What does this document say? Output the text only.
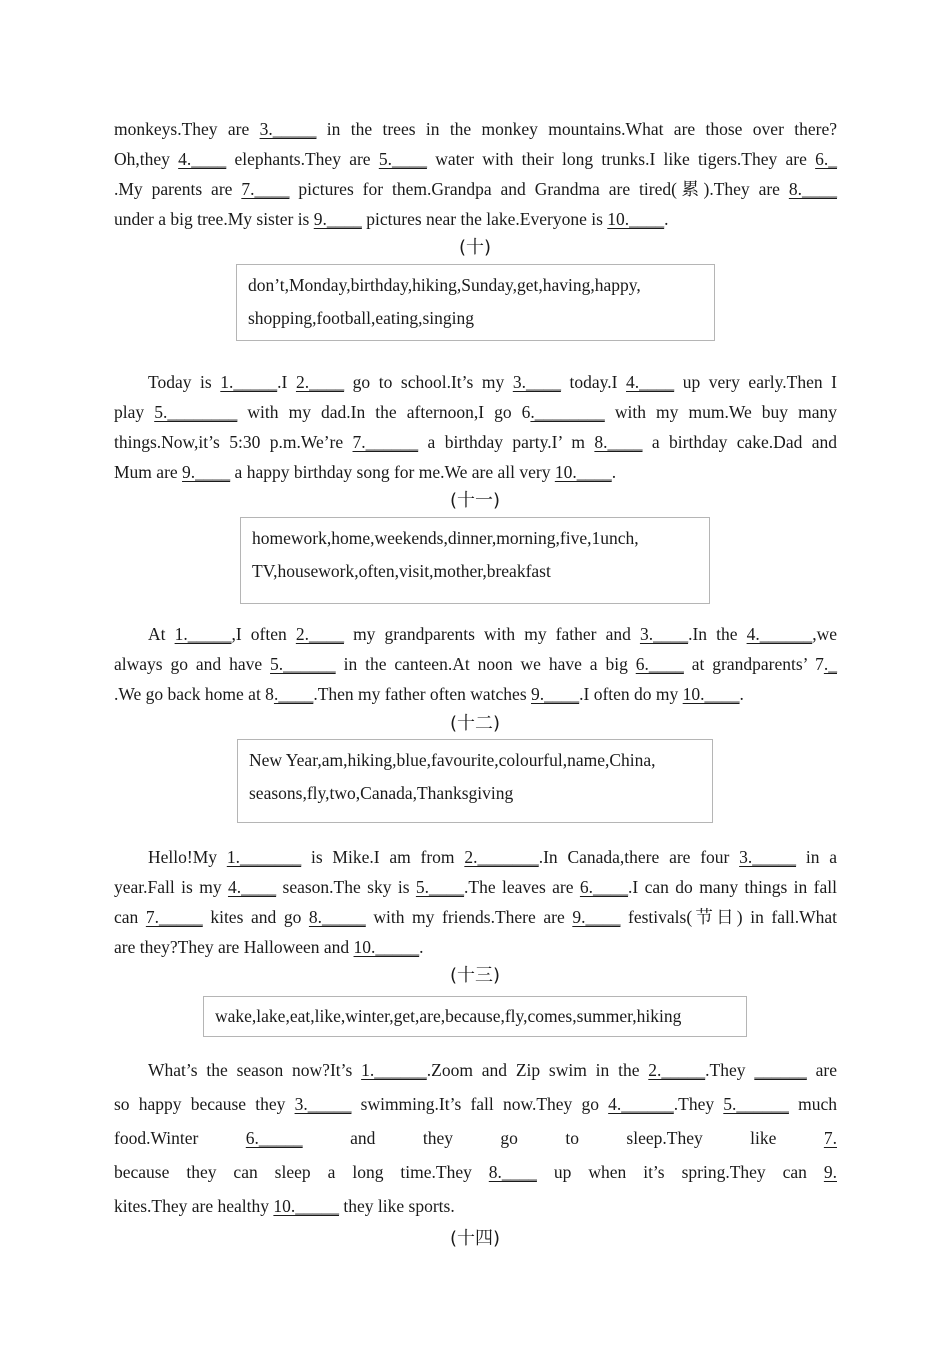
monkeys.They are 3._____ in the trees in the monkey mountains.What are those over there?
Oh,they 4.____ elephants.They are 5.____ water with their long trunks.I like tigers.They are 6._
.My parents are 7.____ pictures for them.Grandpa and Grandma are tired(累).They are 8.____
under a big tree.My sister is 9.____ pictures near the lake.Everyone is 10.____.
(十)
don’t,Monday,birthday,hiking,Sunday,get,having,happy,
shopping,football,eating,singing
Today is 1._____.I 2.____ go to school.It’s my 3.____ today.I 4.____ up very early.Then I
play 5.________ with my dad.In the afternoon,I go 6.________ with my mum.We buy many
things.Now,it’s 5:30 p.m.We’re 7.______ a birthday party.I’ m 8.____ a birthday cake.Dad and
Mum are 9.____ a happy birthday song for me.We are all very 10.____.
(十一)
homework,home,weekends,dinner,morning,five,1unch,
TV,housework,often,visit,mother,breakfast
At 1._____,I often 2.____ my grandparents with my father and 3.____.In the 4.______,we
always go and have 5.______ in the canteen.At noon we have a big 6.____ at grandparents’ 7._
.We go back home at 8.____.Then my father often watches 9.____.I often do my 10.____.
(十二)
New Year,am,hiking,blue,favourite,colourful,name,China,
seasons,fly,two,Canada,Thanksgiving
Hello!My 1._______ is Mike.I am from 2._______.In Canada,there are four 3._____ in a
year.Fall is my 4.____ season.The sky is 5.____.The leaves are 6.____.I can do many things in fall
can 7._____ kites and go 8._____ with my friends.There are 9.____ festivals(节日) in fall.What
are they?They are Halloween and 10._____.
(十三)
wake,lake,eat,like,winter,get,are,because,fly,comes,summer,hiking
What’s the season now?It’s 1.______.Zoom and Zip swim in the 2._____.They ______ are
so happy because they 3._____ swimming.It’s fall now.They go 4.______.They 5.______ much
food.Winter 6._____ and they go to sleep.They like 7.
because they can sleep a long time.They 8.____ up when it’s spring.They can 9.
kites.They are healthy 10._____ they like sports.
(十四)
